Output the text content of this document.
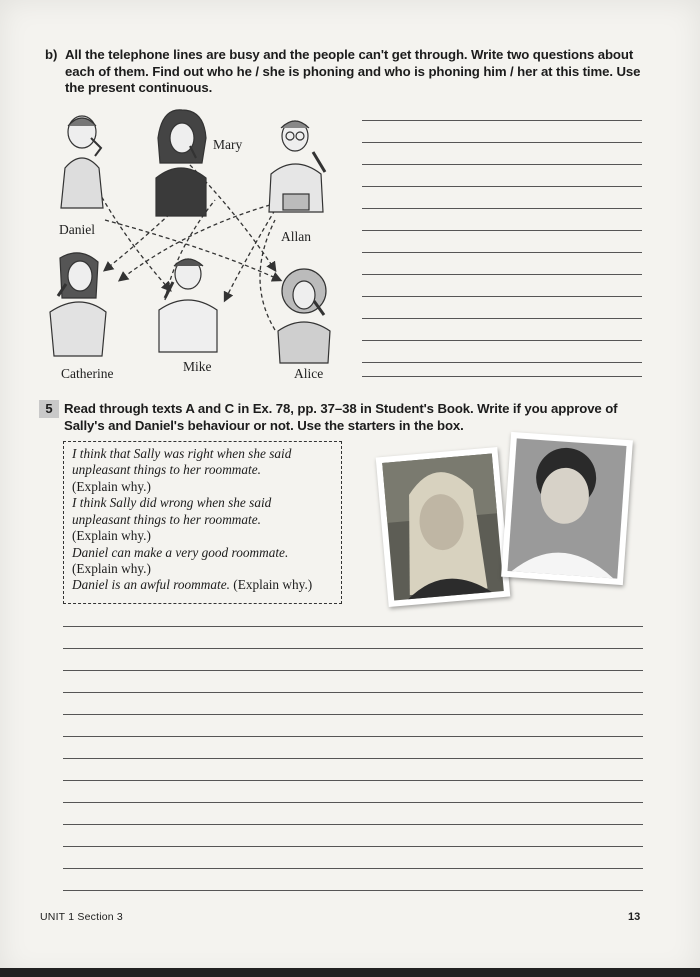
b) All the telephone lines are busy and the people can't get through. Write two questions about each of them. Find out who he / she is phoning and who is phoning him / her at this time. Use the present continuous.
Daniel
Mary
Allan
Catherine	Mike	Alice
5 Read through texts A and C in Ex. 78, pp. 37–38 in Student's Book. Write if you approve of Sally's and Daniel's behaviour or not. Use the starters in the box.
I think that Sally was right when she said
unpleasant things to her roommate.
(Explain why.)
I think Sally did wrong when she said
unpleasant things to her roommate.
(Explain why.)
Daniel can make a very good roommate.
(Explain why.)
Daniel is an awful roommate. (Explain why.)
UNIT 1 Section 3	13
